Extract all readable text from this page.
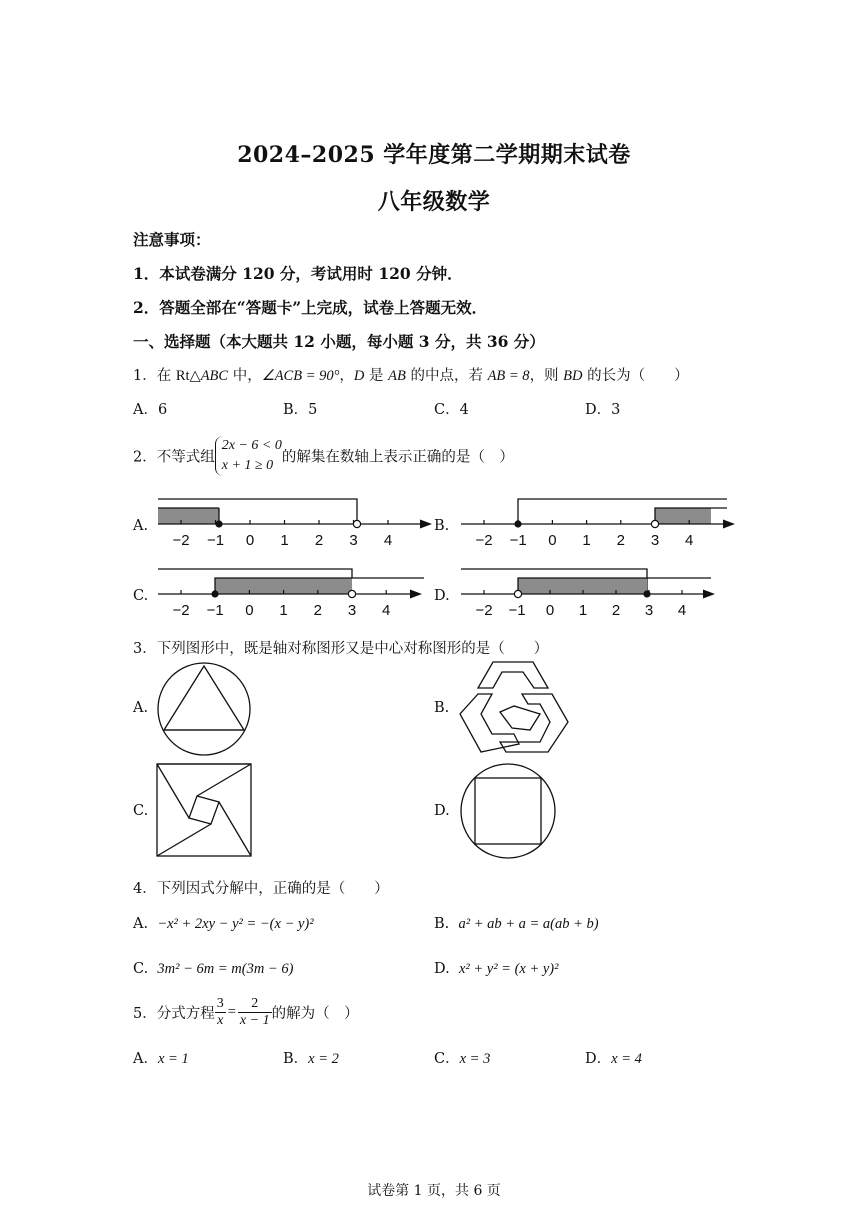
2024–2025 学年度第二学期期末试卷
八年级数学
注意事项：
1．本试卷满分 120 分，考试用时 120 分钟．
2．答题全部在“答题卡”上完成，试卷上答题无效．
一、选择题（本大题共 12 小题，每小题 3 分，共 36 分）
1．在 Rt△ABC 中，∠ACB = 90°，D 是 AB 的中点，若 AB = 8，则 BD 的长为（　　）
A．6	B．5	C．4	D．3
2．不等式组
2x − 6 < 0
x + 1 ≥ 0 的解集在数轴上表示正确的是（　）
A.	B.
C.	D.
−2 −1 0 1 2 3 4	−2 −1 0 1 2 3 4
−2 −1 0 1 2 3 4	−2 −1 0 1 2 3 4
3．下列图形中，既是轴对称图形又是中心对称图形的是（　　）
A.	B.
C.	D.
4．下列因式分解中，正确的是（　　）
A. −x² + 2xy − y² = −(x − y)²	B. a² + ab + a = a(ab + b)
C. 3m² − 6m = m(3m − 6)	D. x² + y² = (x + y)²
5．分式方程 $\frac{3}{x} = \frac{2}{x - 1}$ 的解为（　）
A．x = 1	B．x = 2	C．x = 3	D．x = 4
试卷第 1 页，共 6 页
